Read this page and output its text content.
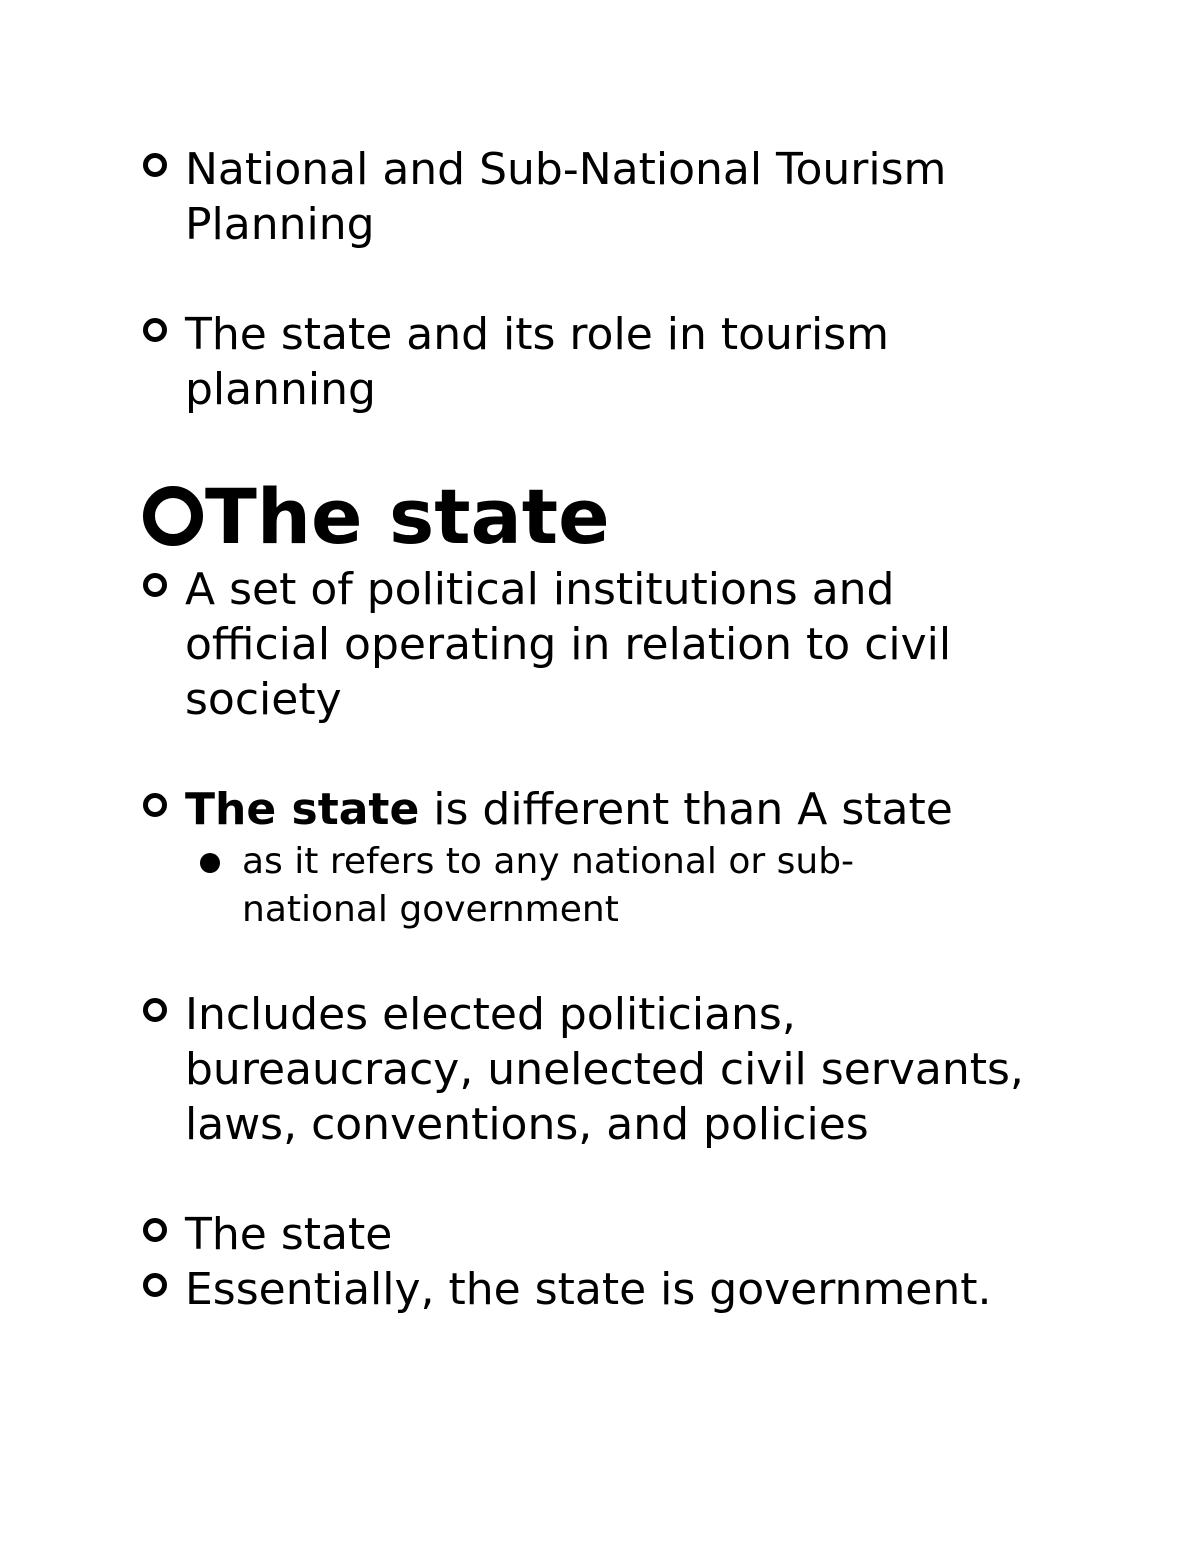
National and Sub-National Tourism Planning
The state and its role in tourism planning
The state
A set of political institutions and official operating in relation to civil society
The state is different than A state
as it refers to any national or sub-national government
Includes elected politicians, bureaucracy, unelected civil servants, laws, conventions, and policies
The state
Essentially, the state is government.
